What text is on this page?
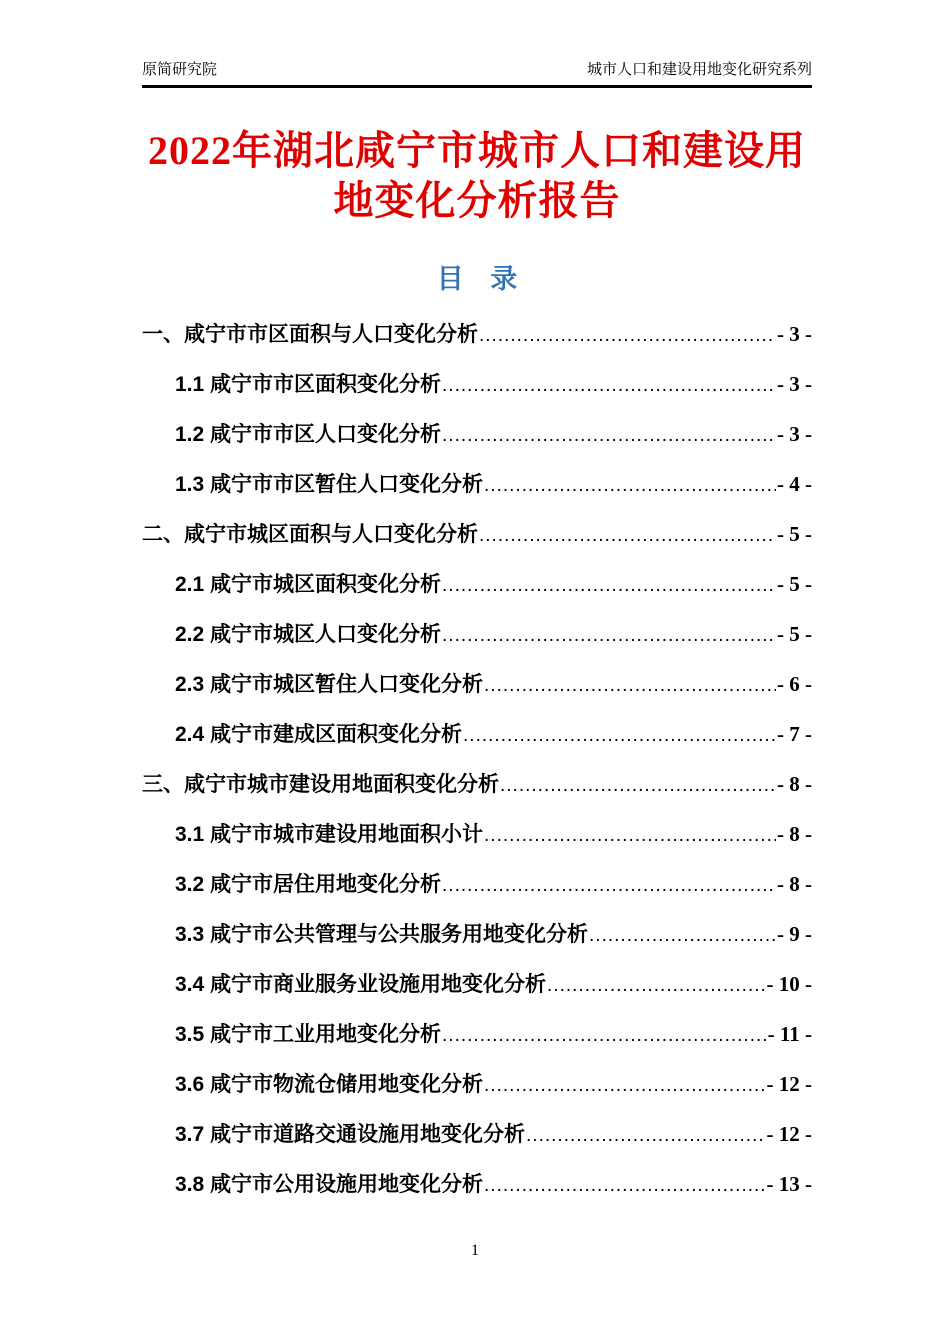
原简研究院	城市人口和建设用地变化研究系列
2022年湖北咸宁市城市人口和建设用地变化分析报告
目 录
一、咸宁市市区面积与人口变化分析 .....	- 3 -
1.1 咸宁市市区面积变化分析 .....	- 3 -
1.2 咸宁市市区人口变化分析 .....	- 3 -
1.3 咸宁市市区暂住人口变化分析 .....	- 4 -
二、咸宁市城区面积与人口变化分析 .....	- 5 -
2.1 咸宁市城区面积变化分析 .....	- 5 -
2.2 咸宁市城区人口变化分析 .....	- 5 -
2.3 咸宁市城区暂住人口变化分析 .....	- 6 -
2.4 咸宁市建成区面积变化分析 .....	- 7 -
三、咸宁市城市建设用地面积变化分析 .....	- 8 -
3.1 咸宁市城市建设用地面积小计 .....	- 8 -
3.2 咸宁市居住用地变化分析 .....	- 8 -
3.3 咸宁市公共管理与公共服务用地变化分析 .....	- 9 -
3.4 咸宁市商业服务业设施用地变化分析 .....	- 10 -
3.5 咸宁市工业用地变化分析 .....	- 11 -
3.6 咸宁市物流仓储用地变化分析 .....	- 12 -
3.7 咸宁市道路交通设施用地变化分析 .....	- 12 -
3.8 咸宁市公用设施用地变化分析 .....	- 13 -
1
